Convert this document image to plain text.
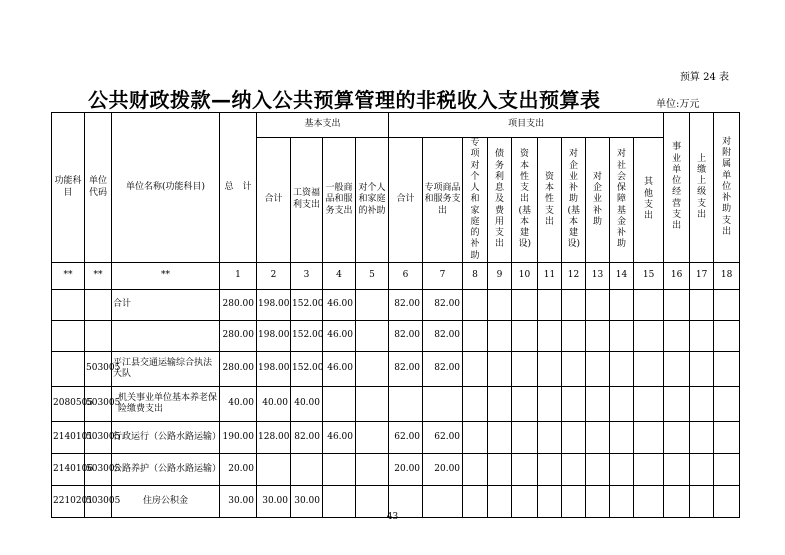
预算 24 表
公共财政拨款—纳入公共预算管理的非税收入支出预算表	单位:万元
功能科目	单位代码	单位名称(功能科目)	总　计	基本支出				项目支出										事业单位经营支出	上缴上级支出	对附属单位补助支出
				合计	工资福利支出	一般商品和服务支出	对个人和家庭的补助	合计	专项商品和服务支出	专项对个人和家庭的补助	债务利息及费用支出	资本性支出(基本建设)	资本性支出	对企业补助(基本建设)	对企业补助	对社会保障基金补助	其他支出			
**	**	**	1	2	3	4	5	6	7	8	9	10	11	12	13	14	15	16	17	18
		合计	280.00	198.00	152.00	46.00		82.00	82.00											
			280.00	198.00	152.00	46.00		82.00	82.00											
	503005	平江县交通运输综合执法大队	280.00	198.00	152.00	46.00		82.00	82.00											
2080505	503005	机关事业单位基本养老保险缴费支出	40.00	40.00	40.00															
2140101	503005	行政运行（公路水路运输）	190.00	128.00	82.00	46.00		62.00	62.00											
2140106	503005	公路养护（公路水路运输）	20.00					20.00	20.00											
2210201	503005	住房公积金	30.00	30.00	30.00															
43
